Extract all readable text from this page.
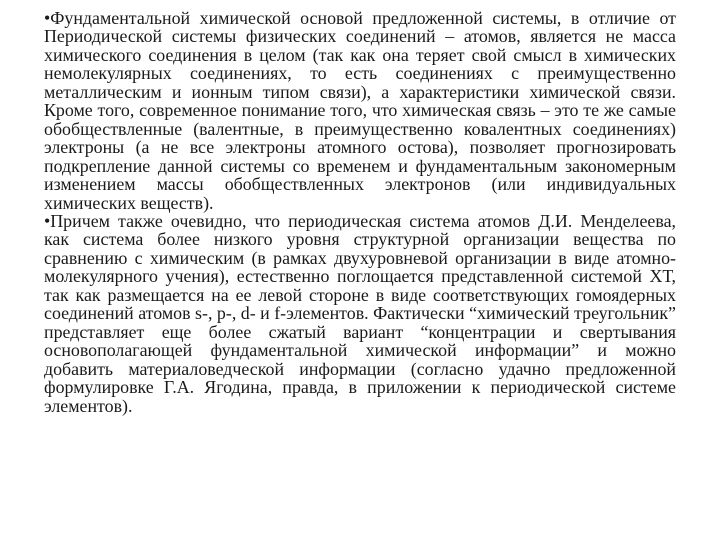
•Фундаментальной химической основой предложенной системы, в отличие от Периодической системы физических соединений – атомов, является не масса химического соединения в целом (так как она теряет свой смысл в химических немолекулярных соединениях, то есть соединениях с преимущественно металлическим и ионным типом связи), а характеристики химической связи. Кроме того, современное понимание того, что химическая связь – это те же самые обобществленные (валентные, в преимущественно ковалентных соединениях) электроны (а не все электроны атомного остова), позволяет прогнозировать подкрепление данной системы со временем и фундаментальным закономерным изменением массы обобществленных электронов (или индивидуальных химических веществ).

•Причем также очевидно, что периодическая система атомов Д.И. Менделеева, как система более низкого уровня структурной организации вещества по сравнению с химическим (в рамках двухуровневой организации в виде атомно-молекулярного учения), естественно поглощается представленной системой ХТ, так как размещается на ее левой стороне в виде соответствующих гомоядерных соединений атомов s-, p-, d- и f-элементов. Фактически “химический треугольник” представляет еще более сжатый вариант “концентрации и свертывания основополагающей фундаментальной химической информации” и можно добавить материаловедческой информации (согласно удачно предложенной формулировке Г.А. Ягодина, правда, в приложении к периодической системе элементов).
